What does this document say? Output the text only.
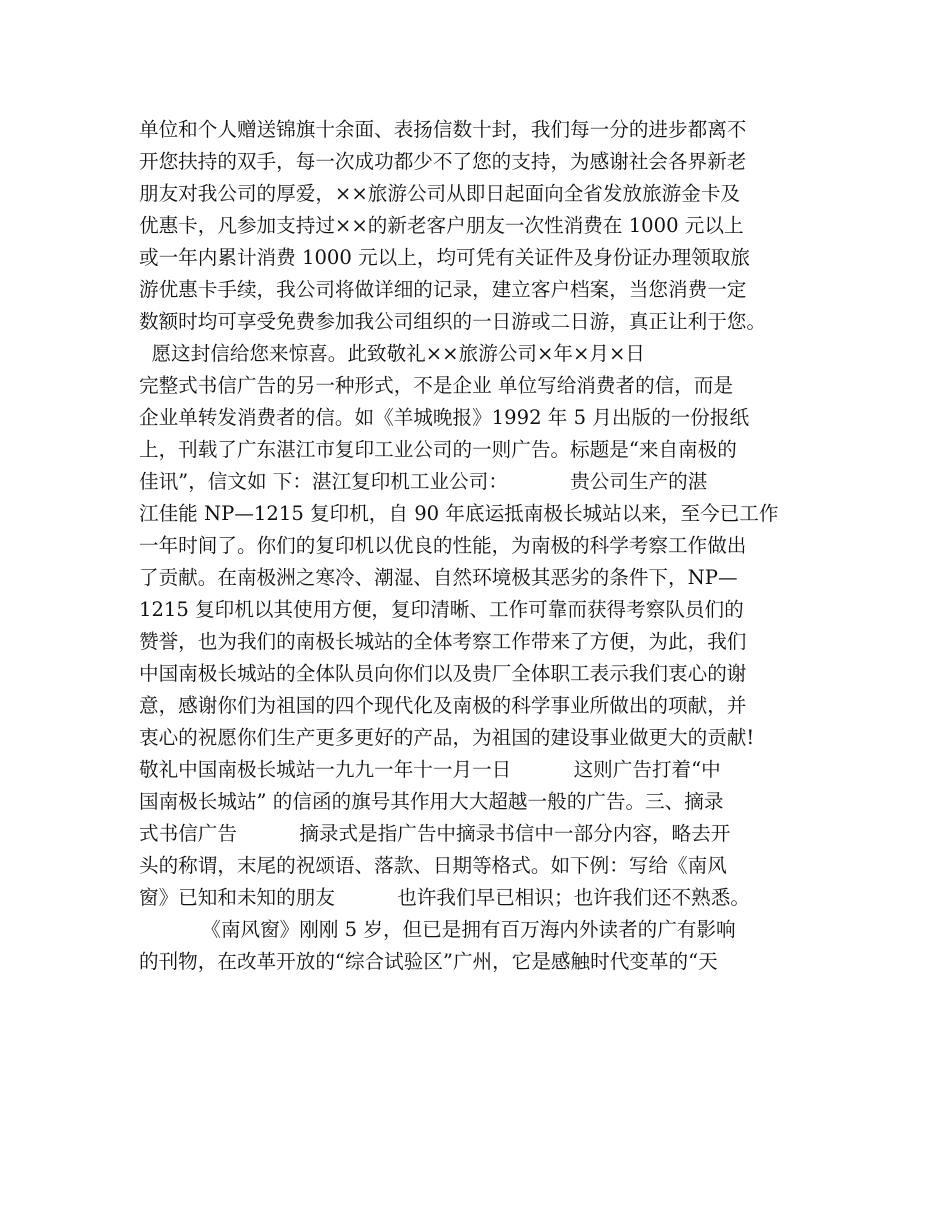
单位和个人赠送锦旗十余面、表扬信数十封，我们每一分的进步都离不
开您扶持的双手，每一次成功都少不了您的支持，为感谢社会各界新老
朋友对我公司的厚爱，××旅游公司从即日起面向全省发放旅游金卡及
优惠卡，凡参加支持过××的新老客户朋友一次性消费在 1000 元以上
或一年内累计消费 1000 元以上，均可凭有关证件及身份证办理领取旅
游优惠卡手续，我公司将做详细的记录，建立客户档案，当您消费一定
数额时均可享受免费参加我公司组织的一日游或二日游，真正让利于您。
愿这封信给您来惊喜。此致敬礼××旅游公司×年×月×日
完整式书信广告的另一种形式，不是企业 单位写给消费者的信，而是
企业单转发消费者的信。如《羊城晚报》1992 年 5 月出版的一份报纸
上，刊载了广东湛江市复印工业公司的一则广告。标题是“来自南极的
佳讯”，信文如 下：湛江复印机工业公司：          贵公司生产的湛
江佳能 NP—1215 复印机，自 90 年底运抵南极长城站以来，至今已工作
一年时间了。你们的复印机以优良的性能，为南极的科学考察工作做出
了贡献。在南极洲之寒冷、潮湿、自然环境极其恶劣的条件下，NP—
1215 复印机以其使用方便，复印清晰、工作可靠而获得考察队员们的
赞誉，也为我们的南极长城站的全体考察工作带来了方便，为此，我们
中国南极长城站的全体队员向你们以及贵厂全体职工表示我们衷心的谢
意，感谢你们为祖国的四个现代化及南极的科学事业所做出的项献，并
衷心的祝愿你们生产更多更好的产品，为祖国的建设事业做更大的贡献!
敬礼中国南极长城站一九九一年十一月一日          这则广告打着“中
国南极长城站” 的信函的旗号其作用大大超越一般的广告。三、摘录
式书信广告          摘录式是指广告中摘录书信中一部分内容，略去开
头的称谓，末尾的祝颂语、落款、日期等格式。如下例：写给《南风
窗》已知和未知的朋友          也许我们早已相识；也许我们还不熟悉。
《南风窗》刚刚 5 岁，但已是拥有百万海内外读者的广有影响
的刊物，在改革开放的“综合试验区”广州，它是感触时代变革的“天
